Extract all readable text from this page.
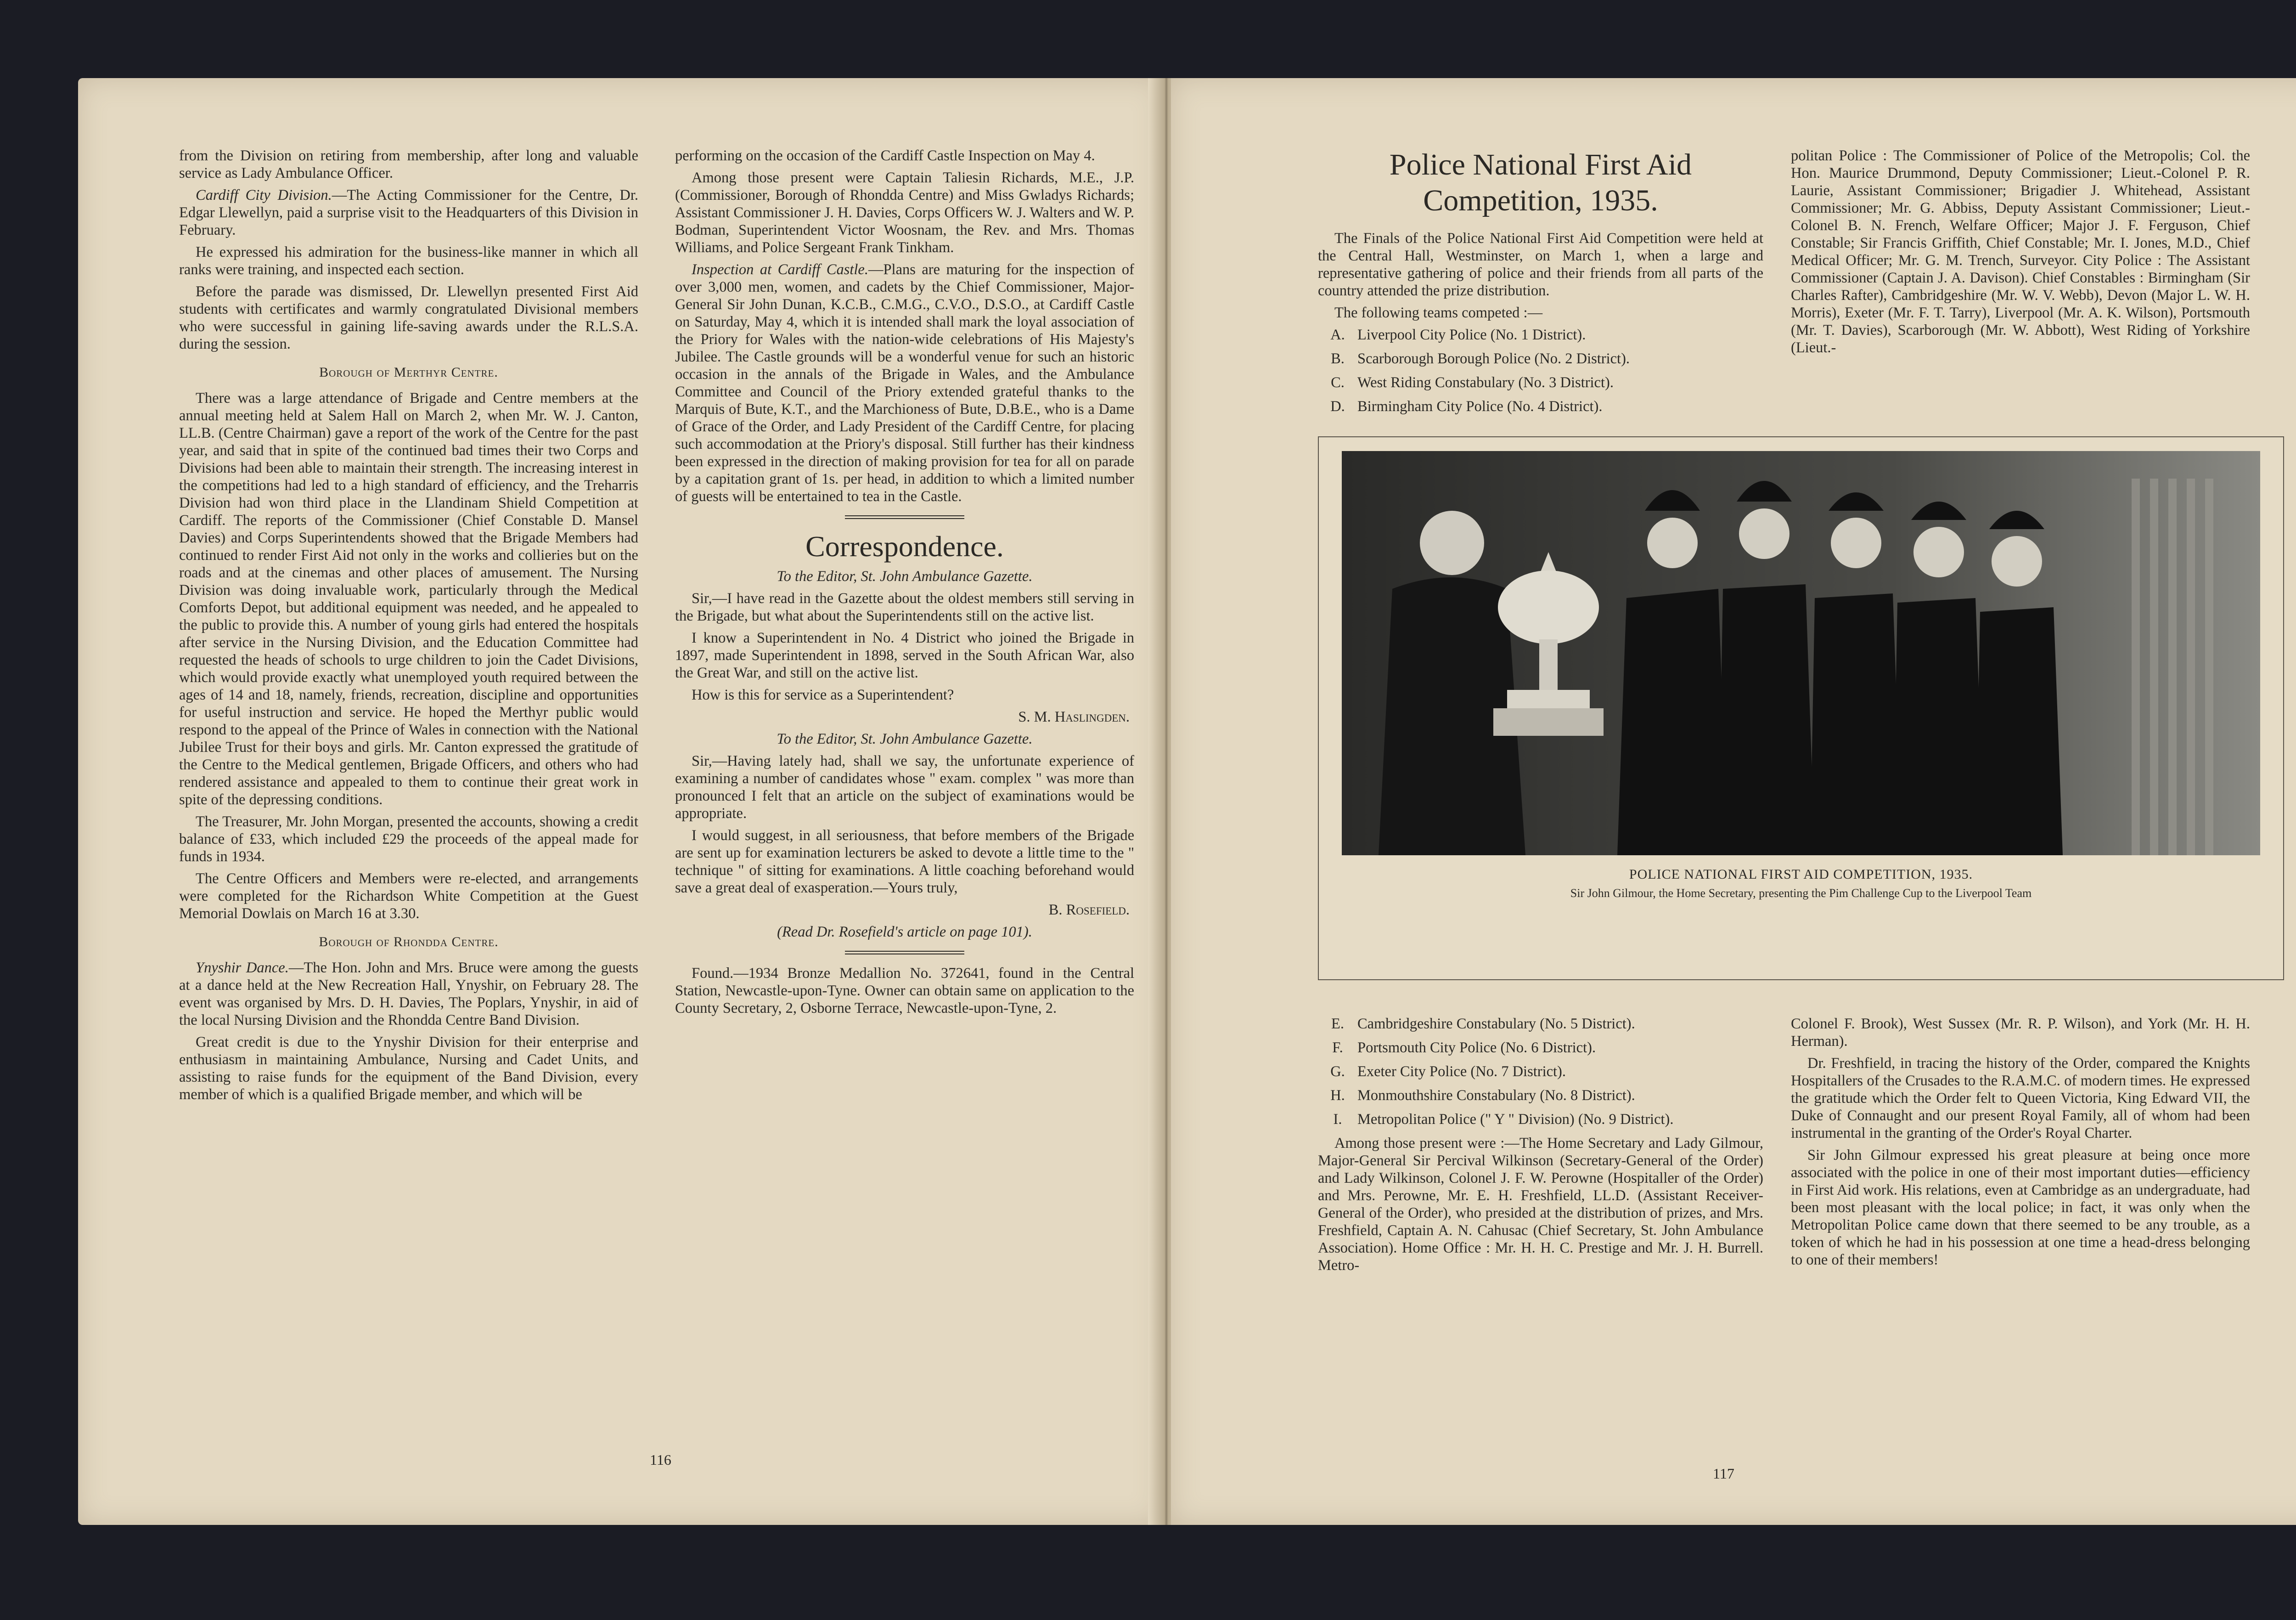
from the Division on retiring from membership, after long and valuable service as Lady Ambulance Officer.

Cardiff City Division.—The Acting Commissioner for the Centre, Dr. Edgar Llewellyn, paid a surprise visit to the Headquarters of this Division in February.

He expressed his admiration for the business-like manner in which all ranks were training, and inspected each section.

Before the parade was dismissed, Dr. Llewellyn presented First Aid students with certificates and warmly congratulated Divisional members who were successful in gaining life-saving awards under the R.L.S.A. during the session.

Borough of Merthyr Centre.

There was a large attendance of Brigade and Centre members at the annual meeting held at Salem Hall on March 2, when Mr. W. J. Canton, LL.B. (Centre Chairman) gave a report of the work of the Centre for the past year, and said that in spite of the continued bad times their two Corps and Divisions had been able to maintain their strength. The increasing interest in the competitions had led to a high standard of efficiency, and the Treharris Division had won third place in the Llandinam Shield Competition at Cardiff. The reports of the Commissioner (Chief Constable D. Mansel Davies) and Corps Superintendents showed that the Brigade Members had continued to render First Aid not only in the works and collieries but on the roads and at the cinemas and other places of amusement. The Nursing Division was doing invaluable work, particularly through the Medical Comforts Depot, but additional equipment was needed, and he appealed to the public to provide this. A number of young girls had entered the hospitals after service in the Nursing Division, and the Education Committee had requested the heads of schools to urge children to join the Cadet Divisions, which would provide exactly what unemployed youth required between the ages of 14 and 18, namely, friends, recreation, discipline and opportunities for useful instruction and service. He hoped the Merthyr public would respond to the appeal of the Prince of Wales in connection with the National Jubilee Trust for their boys and girls. Mr. Canton expressed the gratitude of the Centre to the Medical gentlemen, Brigade Officers, and others who had rendered assistance and appealed to them to continue their great work in spite of the depressing conditions.

The Treasurer, Mr. John Morgan, presented the accounts, showing a credit balance of £33, which included £29 the proceeds of the appeal made for funds in 1934.

The Centre Officers and Members were re-elected, and arrangements were completed for the Richardson White Competition at the Guest Memorial Dowlais on March 16 at 3.30.

Borough of Rhondda Centre.

Ynyshir Dance.—The Hon. John and Mrs. Bruce were among the guests at a dance held at the New Recreation Hall, Ynyshir, on February 28. The event was organised by Mrs. D. H. Davies, The Poplars, Ynyshir, in aid of the local Nursing Division and the Rhondda Centre Band Division.

Great credit is due to the Ynyshir Division for their enterprise and enthusiasm in maintaining Ambulance, Nursing and Cadet Units, and assisting to raise funds for the equipment of the Band Division, every member of which is a qualified Brigade member, and which will be

performing on the occasion of the Cardiff Castle Inspection on May 4.

Among those present were Captain Taliesin Richards, M.E., J.P. (Commissioner, Borough of Rhondda Centre) and Miss Gwladys Richards; Assistant Commissioner J. H. Davies, Corps Officers W. J. Walters and W. P. Bodman, Superintendent Victor Woosnam, the Rev. and Mrs. Thomas Williams, and Police Sergeant Frank Tinkham.

Inspection at Cardiff Castle.—Plans are maturing for the inspection of over 3,000 men, women, and cadets by the Chief Commissioner, Major-General Sir John Dunan, K.C.B., C.M.G., C.V.O., D.S.O., at Cardiff Castle on Saturday, May 4, which it is intended shall mark the loyal association of the Priory for Wales with the nation-wide celebrations of His Majesty's Jubilee. The Castle grounds will be a wonderful venue for such an historic occasion in the annals of the Brigade in Wales, and the Ambulance Committee and Council of the Priory extended grateful thanks to the Marquis of Bute, K.T., and the Marchioness of Bute, D.B.E., who is a Dame of Grace of the Order, and Lady President of the Cardiff Centre, for placing such accommodation at the Priory's disposal. Still further has their kindness been expressed in the direction of making provision for tea for all on parade by a capitation grant of 1s. per head, in addition to which a limited number of guests will be entertained to tea in the Castle.

Correspondence.
To the Editor, St. John Ambulance Gazette.

Sir,—I have read in the Gazette about the oldest members still serving in the Brigade, but what about the Superintendents still on the active list.

I know a Superintendent in No. 4 District who joined the Brigade in 1897, made Superintendent in 1898, served in the South African War, also the Great War, and still on the active list.

How is this for service as a Superintendent?

S. M. Haslingden.
To the Editor, St. John Ambulance Gazette.

Sir,—Having lately had, shall we say, the unfortunate experience of examining a number of candidates whose " exam. complex " was more than pronounced I felt that an article on the subject of examinations would be appropriate.

I would suggest, in all seriousness, that before members of the Brigade are sent up for examination lecturers be asked to devote a little time to the " technique " of sitting for examinations. A little coaching beforehand would save a great deal of exasperation.—Yours truly,

B. Rosefield.
(Read Dr. Rosefield's article on page 101).

Found.—1934 Bronze Medallion No. 372641, found in the Central Station, Newcastle-upon-Tyne. Owner can obtain same on application to the County Secretary, 2, Osborne Terrace, Newcastle-upon-Tyne, 2.

116
Police National First Aid Competition, 1935.

The Finals of the Police National First Aid Competition were held at the Central Hall, Westminster, on March 1, when a large and representative gathering of police and their friends from all parts of the country attended the prize distribution.

The following teams competed :—

A. Liverpool City Police (No. 1 District).
B. Scarborough Borough Police (No. 2 District).
C. West Riding Constabulary (No. 3 District).
D. Birmingham City Police (No. 4 District).

politan Police : The Commissioner of Police of the Metropolis; Col. the Hon. Maurice Drummond, Deputy Commissioner; Lieut.-Colonel P. R. Laurie, Assistant Commissioner; Brigadier J. Whitehead, Assistant Commissioner; Mr. G. Abbiss, Deputy Assistant Commissioner; Lieut.-Colonel B. N. French, Welfare Officer; Major J. F. Ferguson, Chief Constable; Sir Francis Griffith, Chief Constable; Mr. I. Jones, M.D., Chief Medical Officer; Mr. G. M. Trench, Surveyor. City Police : The Assistant Commissioner (Captain J. A. Davison). Chief Constables : Birmingham (Sir Charles Rafter), Cambridgeshire (Mr. W. V. Webb), Devon (Major L. W. H. Morris), Exeter (Mr. F. T. Tarry), Liverpool (Mr. A. K. Wilson), Portsmouth (Mr. T. Davies), Scarborough (Mr. W. Abbott), West Riding of Yorkshire (Lieut.-

E. Cambridgeshire Constabulary (No. 5 District).
F. Portsmouth City Police (No. 6 District).
G. Exeter City Police (No. 7 District).
H. Monmouthshire Constabulary (No. 8 District).
I.	Metropolitan Police (" Y " Division) (No. 9 District).

Among those present were :—The Home Secretary and Lady Gilmour, Major-General Sir Percival Wilkinson (Secretary-General of the Order) and Lady Wilkinson, Colonel J. F. W. Perowne (Hospitaller of the Order) and Mrs. Perowne, Mr. E. H. Freshfield, LL.D. (Assistant Receiver-General of the Order), who presided at the distribution of prizes, and Mrs. Freshfield, Captain A. N. Cahusac (Chief Secretary, St. John Ambulance Association). Home Office : Mr. H. H. C. Prestige and Mr. J. H. Burrell. Metro-

Colonel F. Brook), West Sussex (Mr. R. P. Wilson), and York (Mr. H. H. Herman).

Dr. Freshfield, in tracing the history of the Order, compared the Knights Hospitallers of the Crusades to the R.A.M.C. of modern times. He expressed the gratitude which the Order felt to Queen Victoria, King Edward VII, the Duke of Connaught and our present Royal Family, all of whom had been instrumental in the granting of the Order's Royal Charter.

Sir John Gilmour expressed his great pleasure at being once more associated with the police in one of their most important duties—efficiency in First Aid work. His relations, even at Cambridge as an undergraduate, had been most pleasant with the local police; in fact, it was only when the Metropolitan Police came down that there seemed to be any trouble, as a token of which he had in his possession at one time a head-dress belonging to one of their members!

117
POLICE NATIONAL FIRST AID COMPETITION, 1935.
Sir John Gilmour, the Home Secretary, presenting the Pim Challenge Cup to the Liverpool Team
